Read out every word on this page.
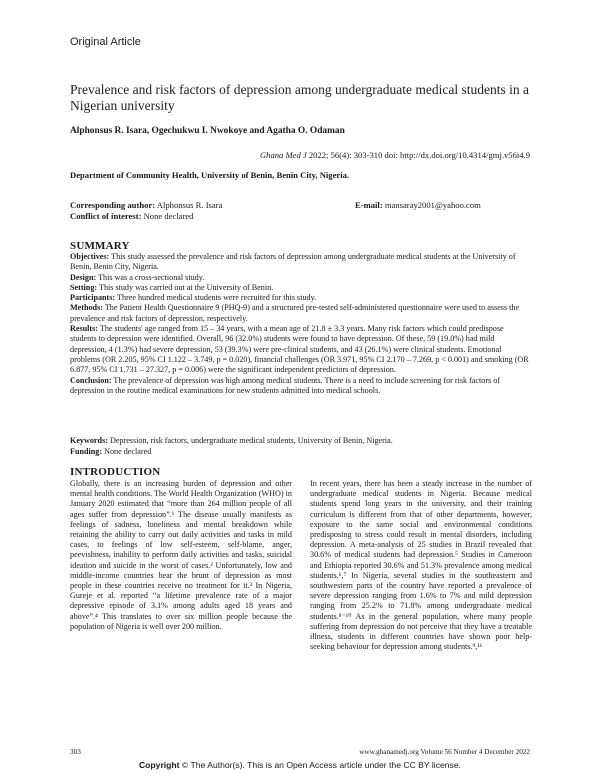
Original Article
Prevalence and risk factors of depression among undergraduate medical students in a Nigerian university
Alphonsus R. Isara, Ogechukwu I. Nwokoye and Agatha O. Odaman
Ghana Med J 2022; 56(4): 303-310 doi: http://dx.doi.org/10.4314/gmj.v56i4.9
Department of Community Health, University of Benin, Benin City, Nigeria.
Corresponding author: Alphonsus R. Isara
Conflict of interest: None declared
E-mail: mansaray2001@yahoo.com
SUMMARY

Objectives: This study assessed the prevalence and risk factors of depression among undergraduate medical students at the University of Benin, Benin City, Nigeria.

Design: This was a cross-sectional study.

Setting: This study was carried out at the University of Benin.

Participants: Three hundred medical students were recruited for this study.

Methods: The Patient Health Questionnaire 9 (PHQ-9) and a structured pre-tested self-administered questionnaire were used to assess the prevalence and risk factors of depression, respectively.

Results: The students' age ranged from 15 – 34 years, with a mean age of 21.8 ± 3.3 years. Many risk factors which could predispose students to depression were identified. Overall, 96 (32.0%) students were found to have depression. Of these, 59 (19.0%) had mild depression, 4 (1.3%) had severe depression, 53 (39.3%) were pre-clinical students, and 43 (26.1%) were clinical students. Emotional problems (OR 2.205, 95% CI 1.122 – 3.749, p = 0.020), financial challenges (OR 3.971, 95% CI 2.170 – 7.269, p < 0.001) and smoking (OR 6.877, 95% CI 1.731 – 27.327, p = 0.006) were the significant independent predictors of depression.

Conclusion: The prevalence of depression was high among medical students. There is a need to include screening for risk factors of depression in the routine medical examinations for new students admitted into medical schools.

Keywords: Depression, risk factors, undergraduate medical students, University of Benin, Nigeria.

Funding: None declared

INTRODUCTION

Globally, there is an increasing burden of depression and other mental health conditions. The World Health Organization (WHO) in January 2020 estimated that “more than 264 million people of all ages suffer from depression”.¹ The disease usually manifests as feelings of sadness, loneliness and mental breakdown while retaining the ability to carry out daily activities and tasks in mild cases, to feelings of low self-esteem, self-blame, anger, peevishness, inability to perform daily activities and tasks, suicidal ideation and suicide in the worst of cases.² Unfortunately, low and middle-income countries bear the brunt of depression as most people in these countries receive no treatment for it.³ In Nigeria, Gureje et al. reported “a lifetime prevalence rate of a major depressive episode of 3.1% among adults aged 18 years and above”.⁴ This translates to over six million people because the population of Nigeria is well over 200 million.

In recent years, there has been a steady increase in the number of undergraduate medical students in Nigeria. Because medical students spend long years in the university, and their training curriculum is different from that of other departments, however, exposure to the same social and environmental conditions predisposing to stress could result in mental disorders, including depression. A meta-analysis of 25 studies in Brazil revealed that 30.6% of medical students had depression.⁵ Studies in Cameroon and Ethiopia reported 30.6% and 51.3% prevalence among medical students.⁶,⁷ In Nigeria, several studies in the southeastern and southwestern parts of the country have reported a prevalence of severe depression ranging from 1.6% to 7% and mild depression ranging from 25.2% to 71.8% among undergraduate medical students.⁸⁻¹⁰ As in the general population, where many people suffering from depression do not perceive that they have a treatable illness, students in different countries have shown poor help-seeking behaviour for depression among students.⁹,¹¹

303	www.ghanamedj.org Volume 56 Number 4 December 2022
Copyright © The Author(s). This is an Open Access article under the CC BY license.
